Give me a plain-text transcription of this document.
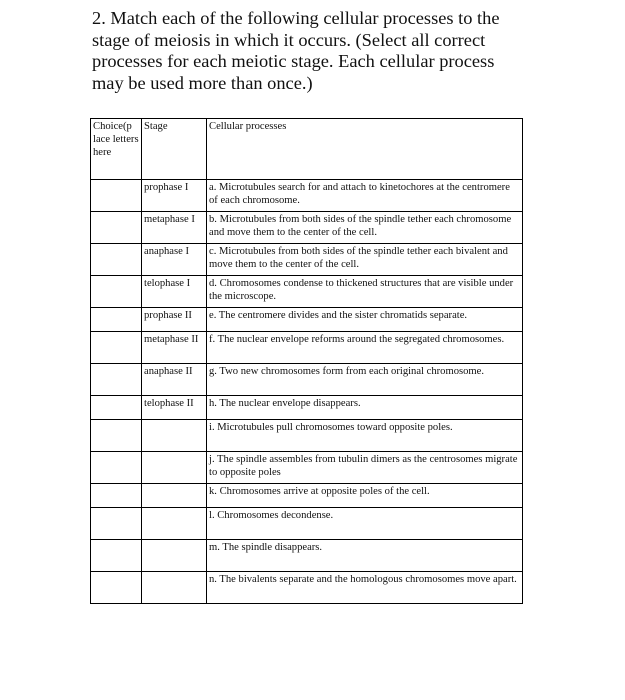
2. Match each of the following cellular processes to the stage of meiosis in which it occurs. (Select all correct processes for each meiotic stage. Each cellular process may be used more than once.)

Choice(p lace letters here	Stage	Cellular processes
	prophase I	a. Microtubules search for and attach to kinetochores at the centromere of each chromosome.
	metaphase I	b. Microtubules from both sides of the spindle tether each chromosome and move them to the center of the cell.
	anaphase I	c. Microtubules from both sides of the spindle tether each bivalent and move them to the center of the cell.
	telophase I	d. Chromosomes condense to thickened structures that are visible under the microscope.
	prophase II	e. The centromere divides and the sister chromatids separate.
	metaphase II	f. The nuclear envelope reforms around the segregated chromosomes.
	anaphase II	g. Two new chromosomes form from each original chromosome.
	telophase II	h. The nuclear envelope disappears.
		i. Microtubules pull chromosomes toward opposite poles.
		j. The spindle assembles from tubulin dimers as the centrosomes migrate to opposite poles
		k. Chromosomes arrive at opposite poles of the cell.
		l. Chromosomes decondense.
		m. The spindle disappears.
		n. The bivalents separate and the homologous chromosomes move apart.
